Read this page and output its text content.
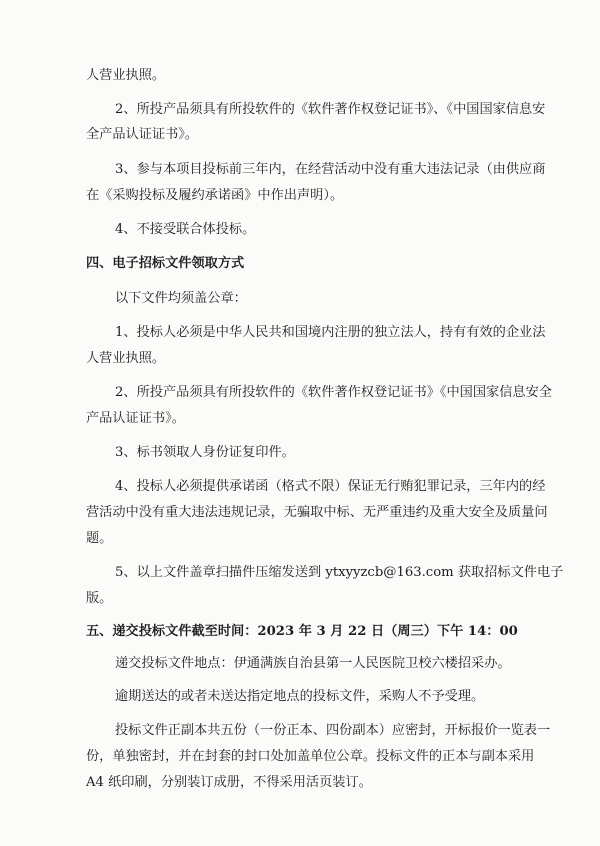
人营业执照。
2、所投产品须具有所投软件的《软件著作权登记证书》、《中国国家信息安
全产品认证证书》。
3、参与本项目投标前三年内，在经营活动中没有重大违法记录（由供应商
在《采购投标及履约承诺函》中作出声明）。
4、不接受联合体投标。
四、电子招标文件领取方式
以下文件均须盖公章：
1、投标人必须是中华人民共和国境内注册的独立法人，持有有效的企业法
人营业执照。
2、所投产品须具有所投软件的《软件著作权登记证书》《中国国家信息安全
产品认证证书》。
3、标书领取人身份证复印件。
4、投标人必须提供承诺函（格式不限）保证无行贿犯罪记录，三年内的经
营活动中没有重大违法违规记录，无骗取中标、无严重违约及重大安全及质量问
题。
5、以上文件盖章扫描件压缩发送到 ytxyyzcb@163.com 获取招标文件电子
版。
五、递交投标文件截至时间：2023 年 3 月 22 日（周三）下午 14：00
递交投标文件地点：伊通满族自治县第一人民医院卫校六楼招采办。
逾期送达的或者未送达指定地点的投标文件，采购人不予受理。
投标文件正副本共五份（一份正本、四份副本）应密封，开标报价一览表一
份，单独密封，并在封套的封口处加盖单位公章。投标文件的正本与副本采用
A4 纸印刷，分别装订成册，不得采用活页装订。
